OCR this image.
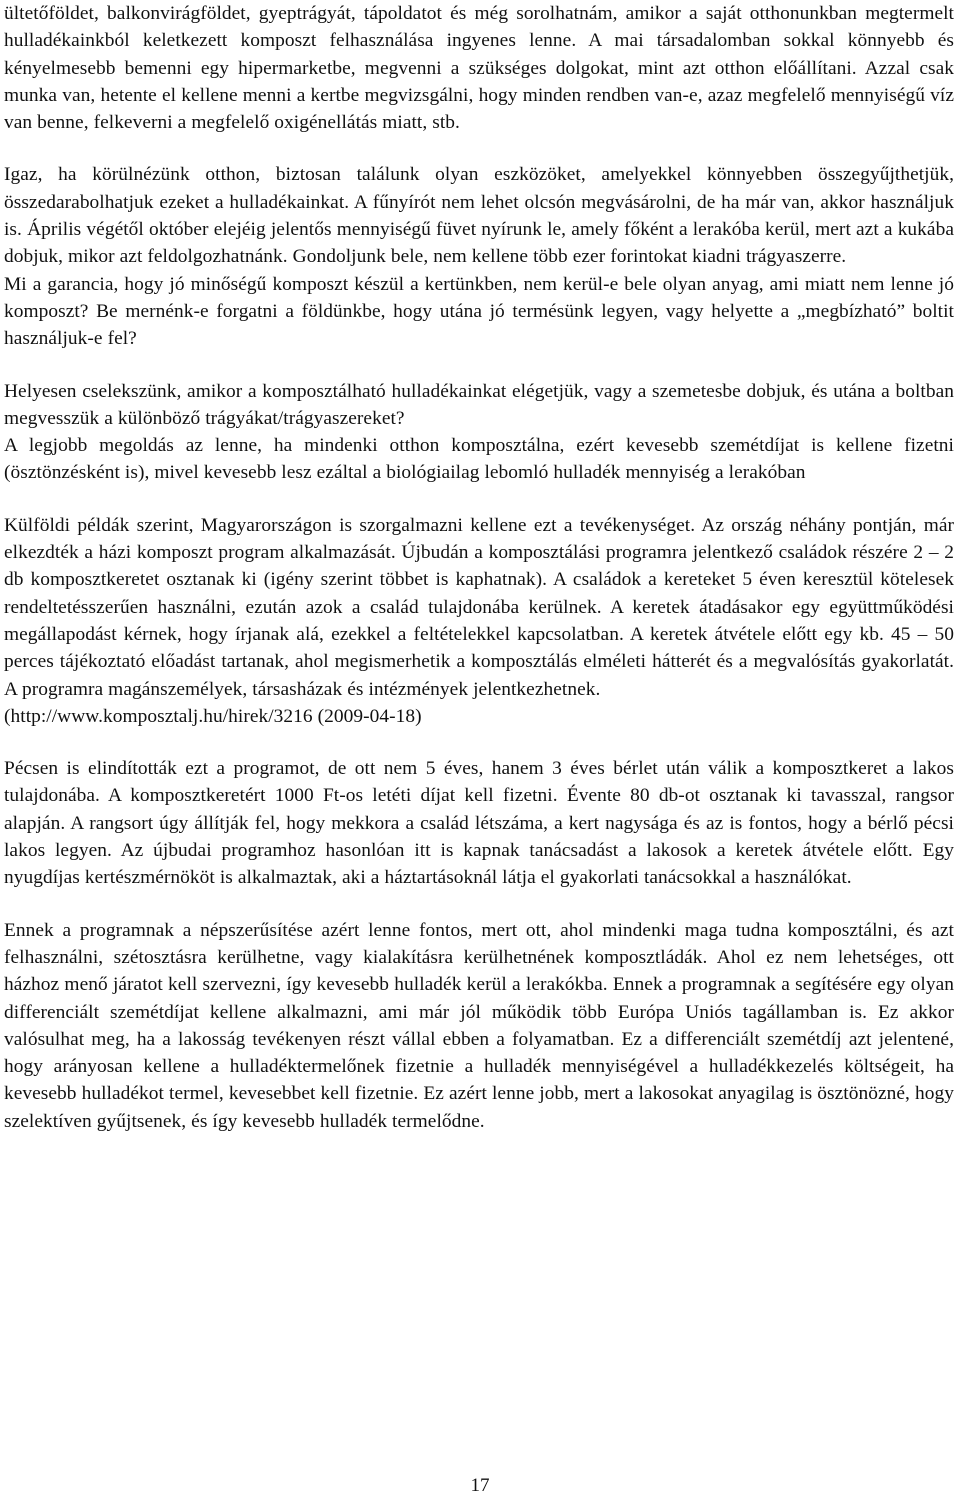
ültetőföldet, balkonvirágföldet, gyeptrágyát, tápoldatot és még sorolhatnám, amikor a saját otthonunkban megtermelt hulladékainkból keletkezett komposzt felhasználása ingyenes lenne. A mai társadalomban sokkal könnyebb és kényelmesebb bemenni egy hipermarketbe, megvenni a szükséges dolgokat, mint azt otthon előállítani. Azzal csak munka van, hetente el kellene menni a kertbe megvizsgálni, hogy minden rendben van-e, azaz megfelelő mennyiségű víz van benne, felkeverni a megfelelő oxigénellátás miatt, stb.

Igaz, ha körülnézünk otthon, biztosan találunk olyan eszközöket, amelyekkel könnyebben összegyűjthetjük, összedarabolhatjuk ezeket a hulladékainkat. A fűnyírót nem lehet olcsón megvásárolni, de ha már van, akkor használjuk is. Április végétől október elejéig jelentős mennyiségű füvet nyírunk le, amely főként a lerakóba kerül, mert azt a kukába dobjuk, mikor azt feldolgozhatnánk. Gondoljunk bele, nem kellene több ezer forintokat kiadni trágyaszerre.

Mi a garancia, hogy jó minőségű komposzt készül a kertünkben, nem kerül-e bele olyan anyag, ami miatt nem lenne jó komposzt? Be mernénk-e forgatni a földünkbe, hogy utána jó termésünk legyen, vagy helyette a „megbízható” boltit használjuk-e fel?

Helyesen cselekszünk, amikor a komposztálható hulladékainkat elégetjük, vagy a szemetesbe dobjuk, és utána a boltban megvesszük a különböző trágyákat/trágyaszereket?

A legjobb megoldás az lenne, ha mindenki otthon komposztálna, ezért kevesebb szemétdíjat is kellene fizetni (ösztönzésként is), mivel kevesebb lesz ezáltal a biológiailag lebomló hulladék mennyiség a lerakóban

Külföldi példák szerint, Magyarországon is szorgalmazni kellene ezt a tevékenységet. Az ország néhány pontján, már elkezdték a házi komposzt program alkalmazását. Újbudán a komposztálási programra jelentkező családok részére 2 – 2 db komposztkeretet osztanak ki (igény szerint többet is kaphatnak). A családok a kereteket 5 éven keresztül kötelesek rendeltetésszerűen használni, ezután azok a család tulajdonába kerülnek. A keretek átadásakor egy együttműködési megállapodást kérnek, hogy írjanak alá, ezekkel a feltételekkel kapcsolatban. A keretek átvétele előtt egy kb. 45 – 50 perces tájékoztató előadást tartanak, ahol megismerhetik a komposztálás elméleti hátterét és a megvalósítás gyakorlatát. A programra magánszemélyek, társasházak és intézmények jelentkezhetnek.

(http://www.komposztalj.hu/hirek/3216 (2009-04-18)

Pécsen is elindították ezt a programot, de ott nem 5 éves, hanem 3 éves bérlet után válik a komposztkeret a lakos tulajdonába. A komposztkeretért 1000 Ft-os letéti díjat kell fizetni. Évente 80 db-ot osztanak ki tavasszal, rangsor alapján. A rangsort úgy állítják fel, hogy mekkora a család létszáma, a kert nagysága és az is fontos, hogy a bérlő pécsi lakos legyen. Az újbudai programhoz hasonlóan itt is kapnak tanácsadást a lakosok a keretek átvétele előtt. Egy nyugdíjas kertészmérnököt is alkalmaztak, aki a háztartásoknál látja el gyakorlati tanácsokkal a használókat.

Ennek a programnak a népszerűsítése azért lenne fontos, mert ott, ahol mindenki maga tudna komposztálni, és azt felhasználni, szétosztásra kerülhetne, vagy kialakításra kerülhetnének komposztládák. Ahol ez nem lehetséges, ott házhoz menő járatot kell szervezni, így kevesebb hulladék kerül a lerakókba. Ennek a programnak a segítésére egy olyan differenciált szemétdíjat kellene alkalmazni, ami már jól működik több Európa Uniós tagállamban is. Ez akkor valósulhat meg, ha a lakosság tevékenyen részt vállal ebben a folyamatban. Ez a differenciált szemétdíj azt jelentené, hogy arányosan kellene a hulladéktermelőnek fizetnie a hulladék mennyiségével a hulladékkezelés költségeit, ha kevesebb hulladékot termel, kevesebbet kell fizetnie. Ez azért lenne jobb, mert a lakosokat anyagilag is ösztönözné, hogy szelektíven gyűjtsenek, és így kevesebb hulladék termelődne.

17
